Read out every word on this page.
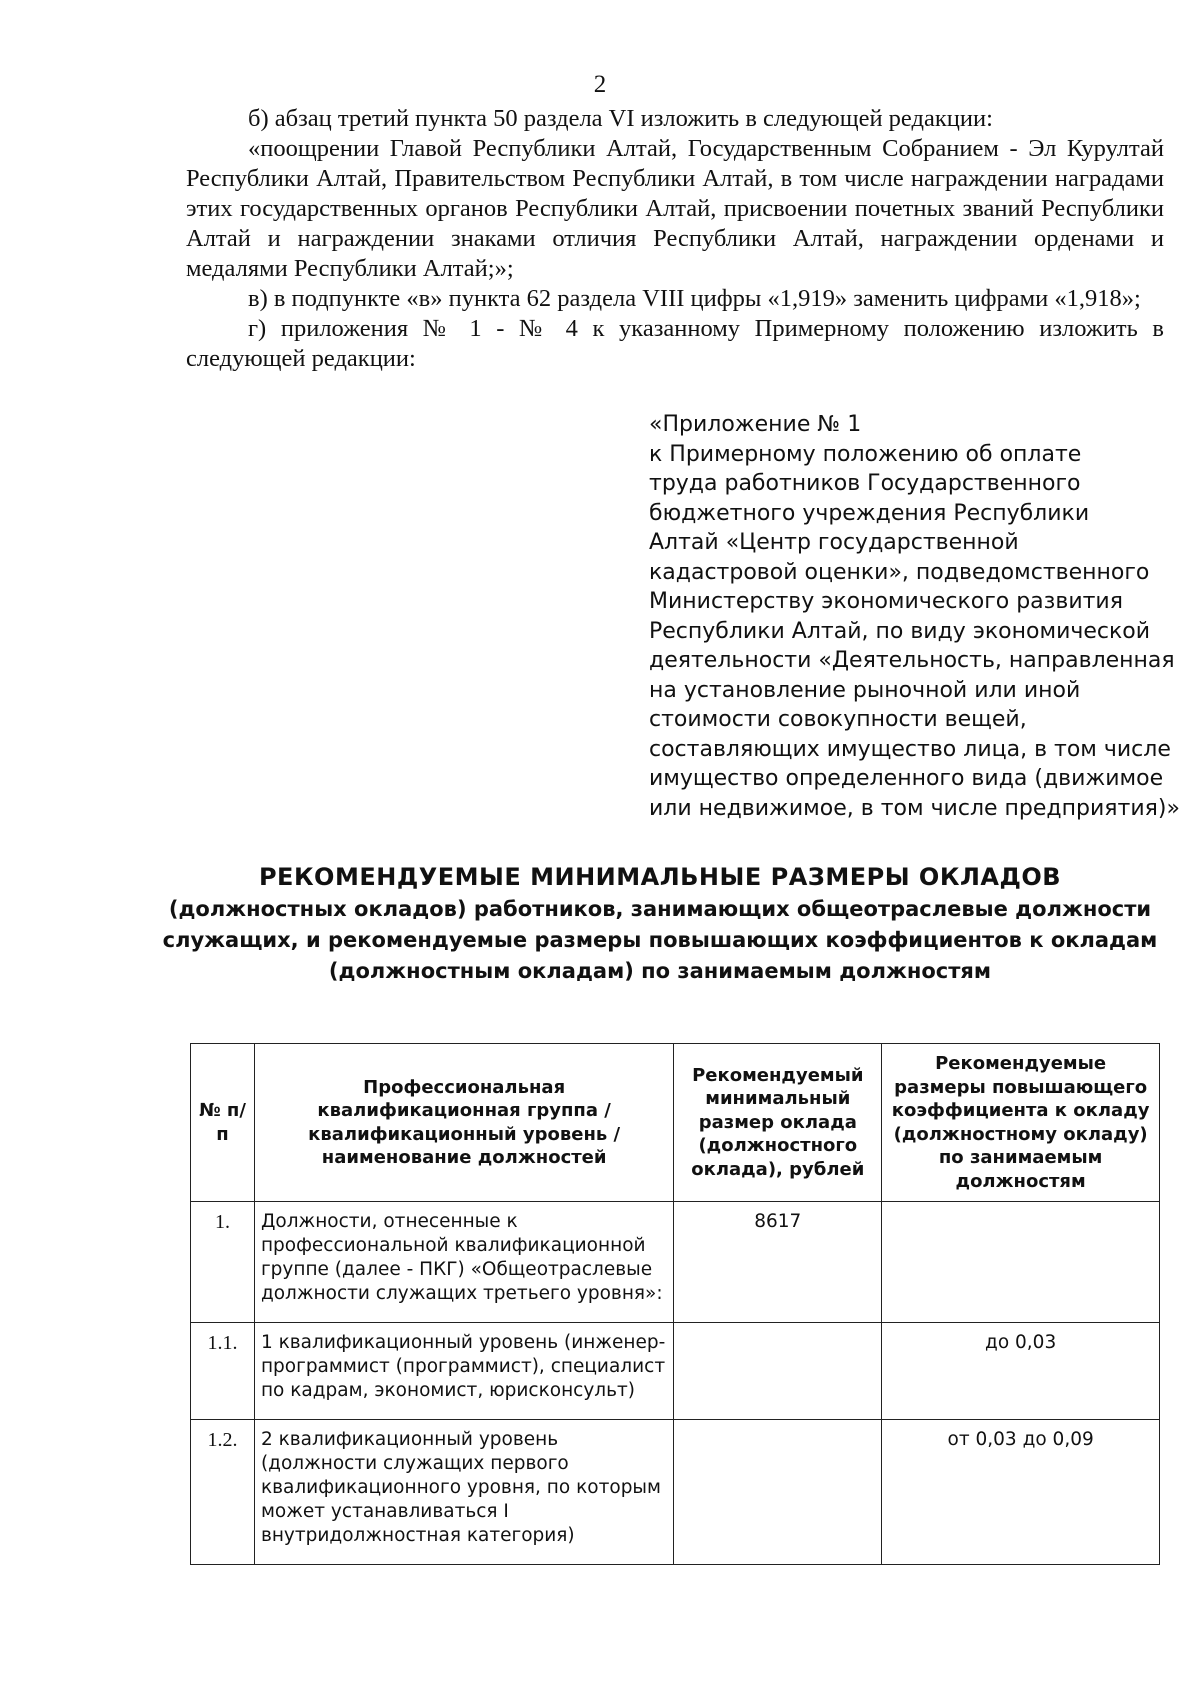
2

б) абзац третий пункта 50 раздела VI изложить в следующей редакции:

«поощрении Главой Республики Алтай, Государственным Собранием - Эл Курултай Республики Алтай, Правительством Республики Алтай, в том числе награждении наградами этих государственных органов Республики Алтай, присвоении почетных званий Республики Алтай и награждении знаками отличия Республики Алтай, награждении орденами и медалями Республики Алтай;»;

в) в подпункте «в» пункта 62 раздела VIII цифры «1,919» заменить цифрами «1,918»;

г) приложения № 1 - № 4 к указанному Примерному положению изложить в следующей редакции:

«Приложение № 1
к Примерному положению об оплате
труда работников Государственного
бюджетного учреждения Республики
Алтай «Центр государственной
кадастровой оценки», подведомственного
Министерству экономического развития
Республики Алтай, по виду экономической
деятельности «Деятельность, направленная
на установление рыночной или иной
стоимости совокупности вещей,
составляющих имущество лица, в том числе
имущество определенного вида (движимое
или недвижимое, в том числе предприятия)»
РЕКОМЕНДУЕМЫЕ МИНИМАЛЬНЫЕ РАЗМЕРЫ ОКЛАДОВ
(должностных окладов) работников, занимающих общеотраслевые должности
служащих, и рекомендуемые размеры повышающих коэффициентов к окладам
(должностным окладам) по занимаемым должностям
№ п/п	Профессиональная квалификационная группа / квалификационный уровень / наименование должностей	Рекомендуемый минимальный размер оклада (должностного оклада), рублей	Рекомендуемые размеры повышающего коэффициента к окладу (должностному окладу) по занимаемым должностям
1.	Должности, отнесенные к профессиональной квалификационной группе (далее - ПКГ) «Общеотраслевые должности служащих третьего уровня»:	8617	
1.1.	1 квалификационный уровень (инженер-программист (программист), специалист по кадрам, экономист, юрисконсульт)		до 0,03
1.2.	2 квалификационный уровень (должности служащих первого квалификационного уровня, по которым может устанавливаться I внутридолжностная категория)		от 0,03 до 0,09
